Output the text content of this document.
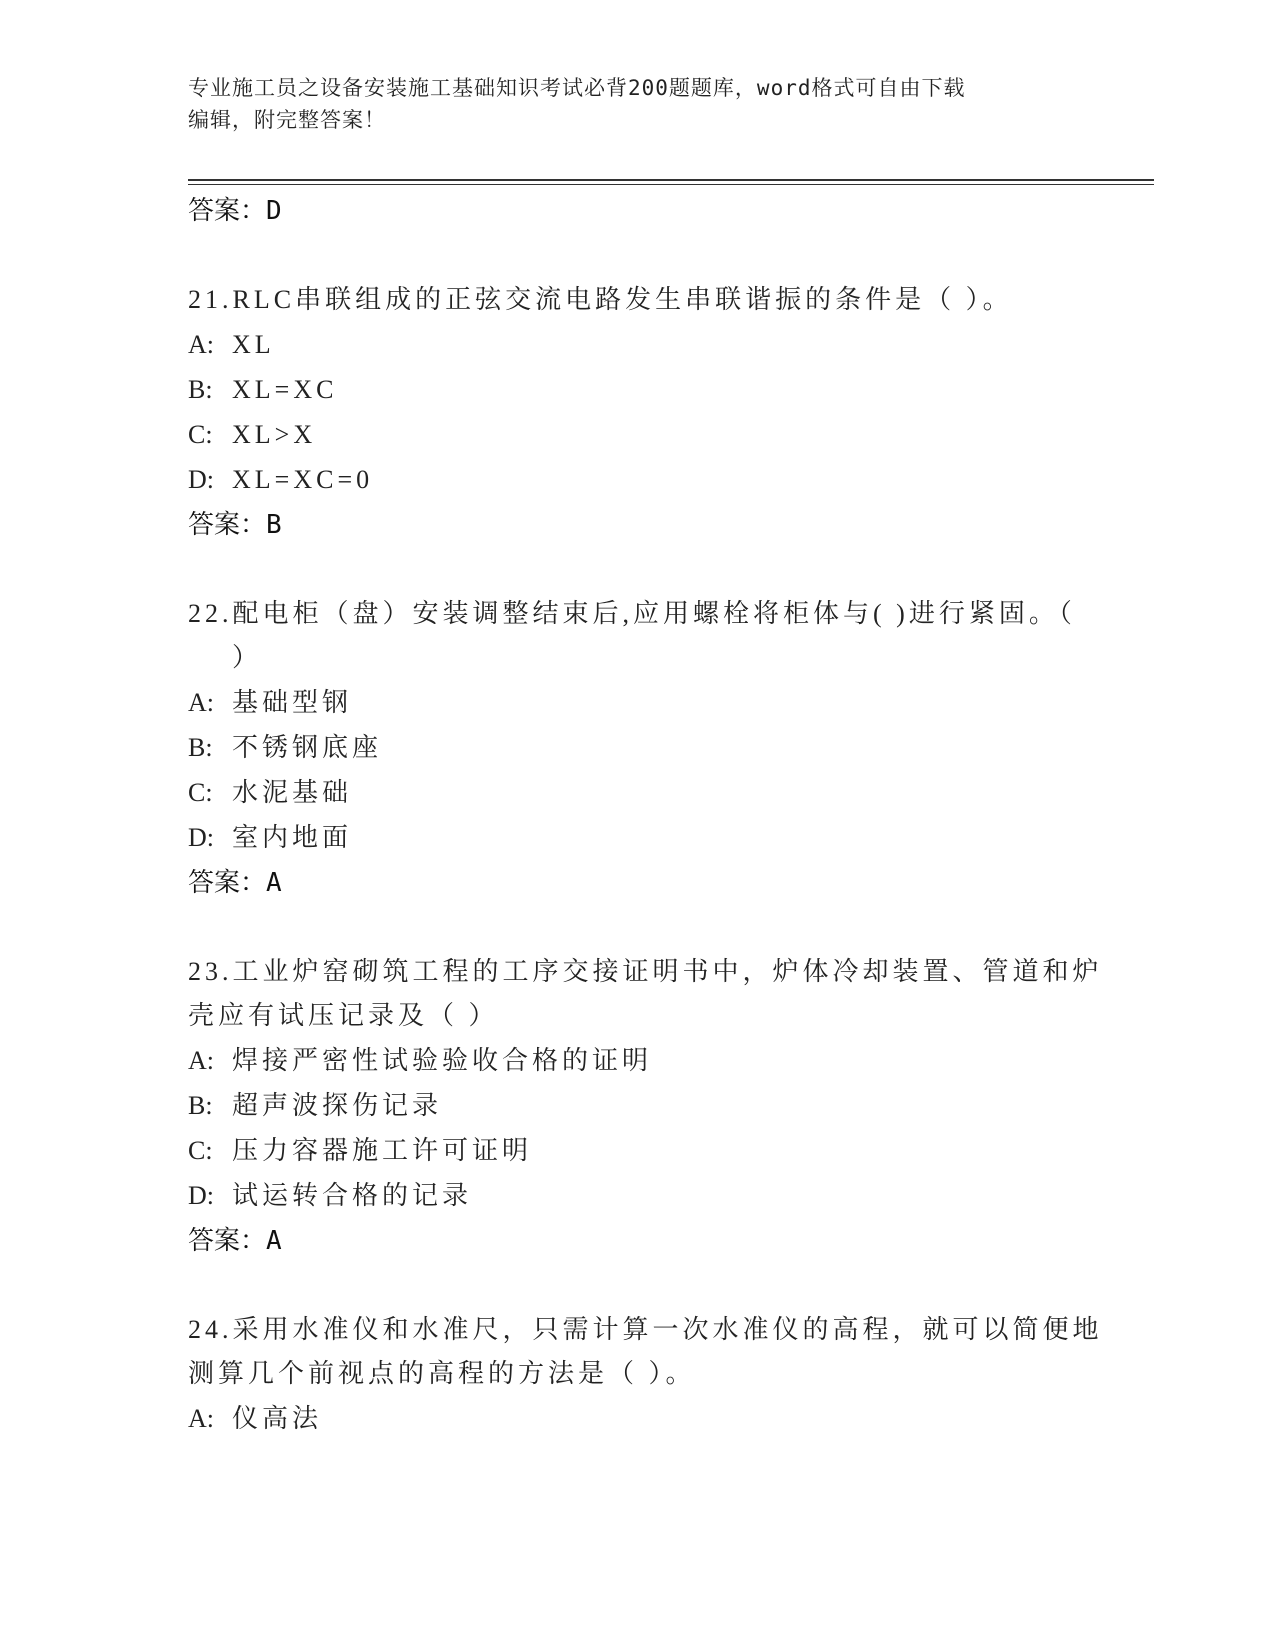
专业施工员之设备安装施工基础知识考试必背200题题库，word格式可自由下载
编辑，附完整答案！
答案：D
21.RLC串联组成的正弦交流电路发生串联谐振的条件是（ ）。
A: XL
B: XL=XC
C: XL>X
D: XL=XC=0
答案：B
22.配电柜（盘）安装调整结束后,应用螺栓将柜体与( )进行紧固。（
）
A: 基础型钢
B: 不锈钢底座
C: 水泥基础
D: 室内地面
答案：A
23.工业炉窑砌筑工程的工序交接证明书中，炉体冷却装置、管道和炉
壳应有试压记录及（ ）
A: 焊接严密性试验验收合格的证明
B: 超声波探伤记录
C: 压力容器施工许可证明
D: 试运转合格的记录
答案：A
24.采用水准仪和水准尺，只需计算一次水准仪的高程，就可以简便地
测算几个前视点的高程的方法是（ ）。
A: 仪高法
